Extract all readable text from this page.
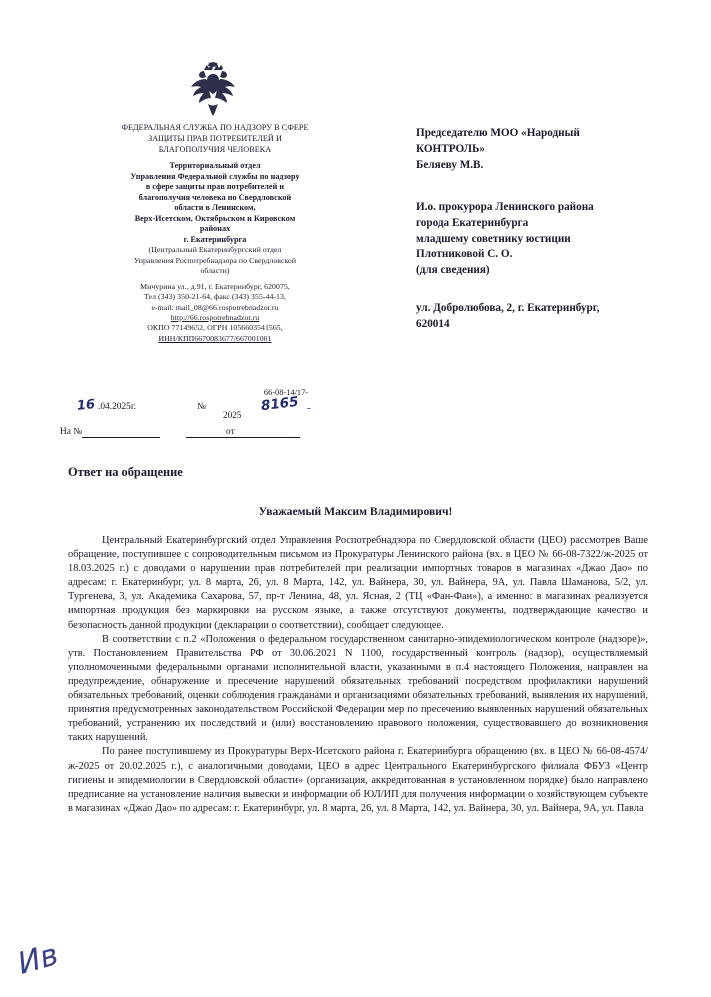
ФЕДЕРАЛЬНАЯ СЛУЖБА ПО НАДЗОРУ В СФЕРЕ
ЗАЩИТЫ ПРАВ ПОТРЕБИТЕЛЕЙ И
БЛАГОПОЛУЧИЯ ЧЕЛОВЕКА
Территориальный отдел
Управления Федеральной службы по надзору
в сфере защиты прав потребителей и
благополучия человека по Свердловской
области в Ленинском,
Верх-Исетском, Октябрьском и Кировском
районах
г. Екатеринбурга
(Центральный Екатеринбургский отдел
Управления Роспотребнадзора по Свердловской
области)
Мичурина ул., д.91, г. Екатеринбург, 620075,
Тел (343) 350-21-64, факс (343) 355-44-13,
e-mail: mail_08@66.rospotrebnadzor.ru
http://66.rospotrebnadzor.ru
ОКПО 77149652, ОГРН 1056603541565,
ИНН/КПП6670083677/667001001
66-08-14/17-
16 .04.2025г.	№
2025
8165 -
На №	от
Председателю МОО «Народный
КОНТРОЛЬ»
Беляеву М.В.
И.о. прокурора Ленинского района
города Екатеринбурга
младшему советнику юстиции
Плотниковой С. О.
(для сведения)
ул. Добролюбова, 2, г. Екатеринбург,
620014
Ответ на обращение
Уважаемый Максим Владимирович!

Центральный Екатеринбургский отдел Управления Роспотребнадзора по Свердловской области (ЦЕО) рассмотрев Ваше обращение, поступившее с сопроводительным письмом из Прокуратуры Ленинского района (вх. в ЦЕО № 66-08-7322/ж-2025 от 18.03.2025 г.) с доводами о нарушении прав потребителей при реализации импортных товаров в магазинах «Джао Дао» по адресам: г. Екатеринбург, ул. 8 марта, 26, ул. 8 Марта, 142, ул. Вайнера, 30, ул. Вайнера, 9А, ул. Павла Шаманова, 5/2, ул. Тургенева, 3, ул. Академика Сахарова, 57, пр-т Ленина, 48, ул. Ясная, 2 (ТЦ «Фан-Фан»), а именно: в магазинах реализуется импортная продукция без маркировки на русском языке, а также отсутствуют документы, подтверждающие качество и безопасность данной продукции (декларации о соответствии), сообщает следующее.

В соответствии с п.2 «Положения о федеральном государственном санитарно-эпидемиологическом контроле (надзоре)», утв. Постановлением Правительства РФ от 30.06.2021 N 1100, государственный контроль (надзор), осуществляемый уполномоченными федеральными органами исполнительной власти, указанными в п.4 настоящего Положения, направлен на предупреждение, обнаружение и пресечение нарушений обязательных требований посредством профилактики нарушений обязательных требований, оценки соблюдения гражданами и организациями обязательных требований, выявления их нарушений, принятия предусмотренных законодательством Российской Федерации мер по пресечению выявленных нарушений обязательных требований, устранению их последствий и (или) восстановлению правового положения, существовавшего до возникновения таких нарушений.

По ранее поступившему из Прокуратуры Верх-Исетского района г. Екатеринбурга обращению (вх. в ЦЕО № 66-08-4574/ж-2025 от 20.02.2025 г.), с аналогичными доводами, ЦЕО в адрес Центрального Екатеринбургского филиала ФБУЗ «Центр гигиены и эпидемиологии в Свердловской области» (организация, аккредитованная в установленном порядке) было направлено предписание на установление наличия вывески и информации об ЮЛ/ИП для получения информации о хозяйствующем субъекте в магазинах «Джао Дао» по адресам: г. Екатеринбург, ул. 8 марта, 26, ул. 8 Марта, 142, ул. Вайнера, 30, ул. Вайнера, 9А, ул. Павла

Ив
